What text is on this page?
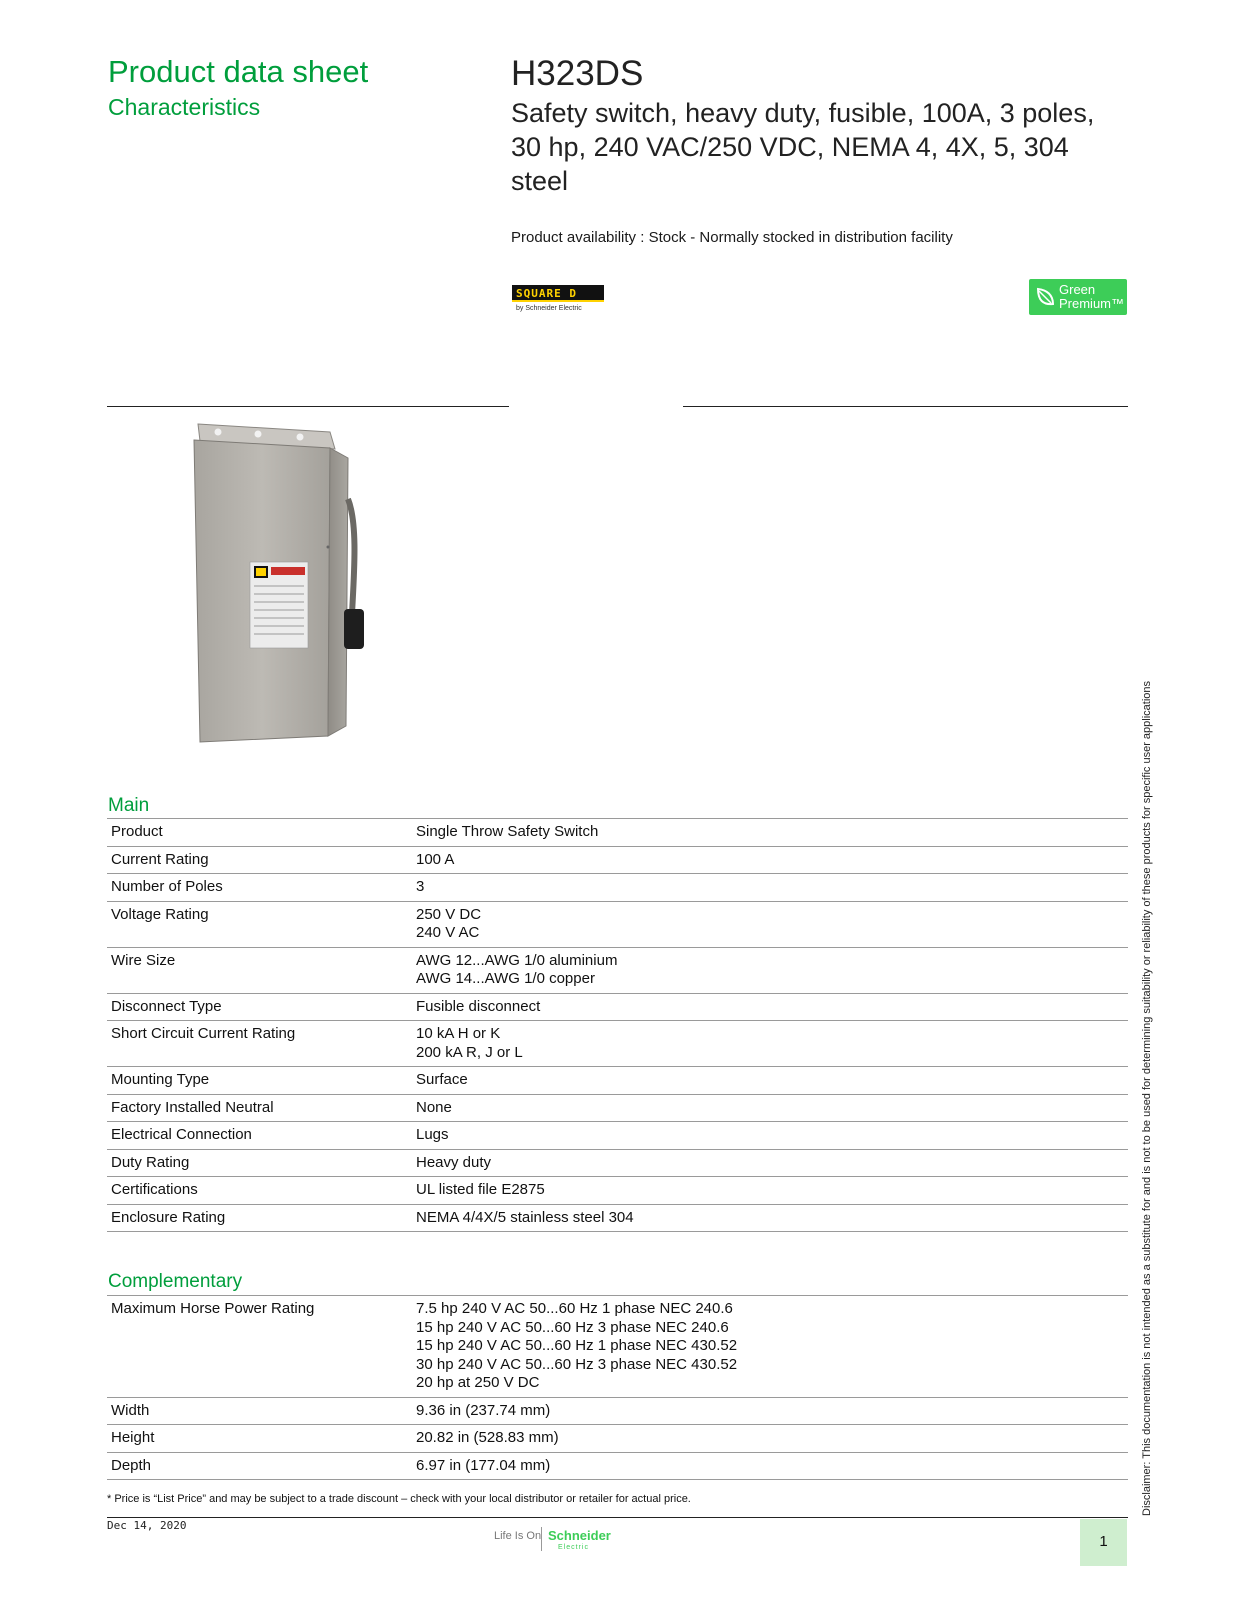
Product data sheet
Characteristics
H323DS
Safety switch, heavy duty, fusible, 100A, 3 poles, 30 hp, 240 VAC/250 VDC, NEMA 4, 4X, 5, 304 steel
Product availability : Stock - Normally stocked in distribution facility
SQUARE D
by Schneider Electric
Green
Premium™
Main
Product	Single Throw Safety Switch

Current Rating	100 A

Number of Poles	3

Voltage Rating	250 V DC
240 V AC

Wire Size	AWG 12...AWG 1/0 aluminium
AWG 14...AWG 1/0 copper

Disconnect Type	Fusible disconnect

Short Circuit Current Rating	10 kA H or K
200 kA R, J or L

Mounting Type	Surface

Factory Installed Neutral	None

Electrical Connection	Lugs

Duty Rating	Heavy duty

Certifications	UL listed file E2875

Enclosure Rating	NEMA 4/4X/5 stainless steel 304
Complementary
Maximum Horse Power Rating	7.5 hp 240 V AC 50...60 Hz 1 phase NEC 240.6
15 hp 240 V AC 50...60 Hz 3 phase NEC 240.6
15 hp 240 V AC 50...60 Hz 1 phase NEC 430.52
30 hp 240 V AC 50...60 Hz 3 phase NEC 430.52
20 hp at 250 V DC

Width	9.36 in (237.74 mm)

Height	20.82 in (528.83 mm)

Depth	6.97 in (177.04 mm)
* Price is “List Price” and may be subject to a trade discount – check with your local distributor or retailer for actual price.
Dec 14, 2020
Life Is On Schneider
Electric	1
Disclaimer: This documentation is not intended as a substitute for and is not to be used for determining suitability or reliability of these products for specific user applications
